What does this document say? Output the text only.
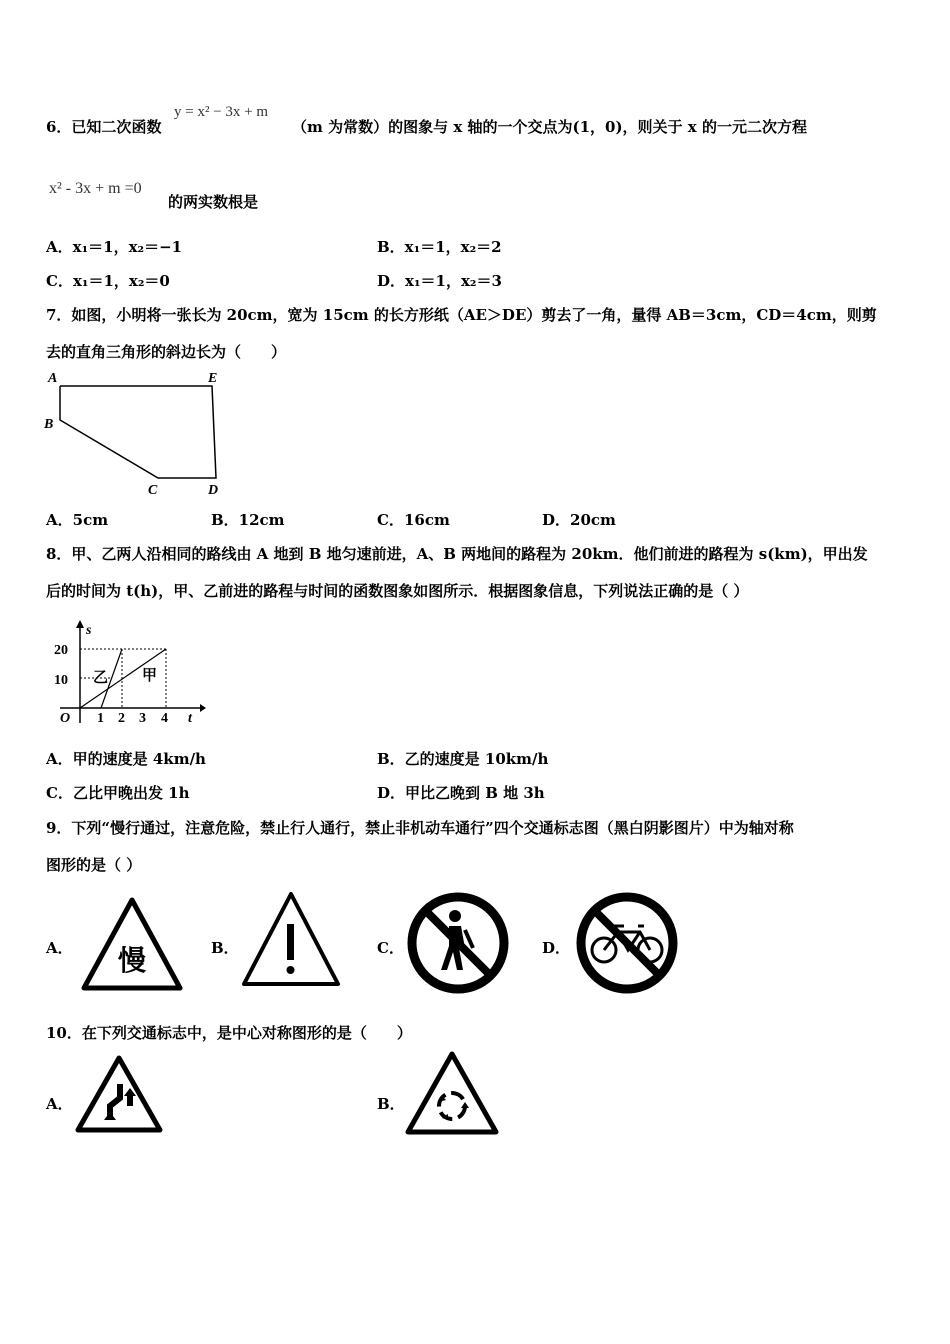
6．已知二次函数
y = x² − 3x + m
（m 为常数）的图象与 x 轴的一个交点为(1，0)，则关于 x 的一元二次方程
x² - 3x + m =0
的两实数根是
A．x₁＝1，x₂＝−1	B．x₁＝1，x₂＝2
C．x₁＝1，x₂＝0	D．x₁＝1，x₂＝3
7．如图，小明将一张长为 20cm，宽为 15cm 的长方形纸（AE＞DE）剪去了一角，量得 AB＝3cm，CD＝4cm，则剪
去的直角三角形的斜边长为（　　）
A	E
B
C	D
A．5cm	B．12cm	C．16cm	D．20cm
8．甲、乙两人沿相同的路线由 A 地到 B 地匀速前进，A、B 两地间的路程为 20km．他们前进的路程为 s(km)，甲出发
后的时间为 t(h)，甲、乙前进的路程与时间的函数图象如图所示．根据图象信息，下列说法正确的是（ ）
s
20
10
O 1 2 3 4 t
乙 甲
A．甲的速度是 4km/h	B．乙的速度是 10km/h
C．乙比甲晚出发 1h	D．甲比乙晚到 B 地 3h
9．下列“慢行通过，注意危险，禁止行人通行，禁止非机动车通行”四个交通标志图（黑白阴影图片）中为轴对称
图形的是（ ）
A． 慢	B．	C．	D．
10．在下列交通标志中，是中心对称图形的是（　　）
A．	B．
